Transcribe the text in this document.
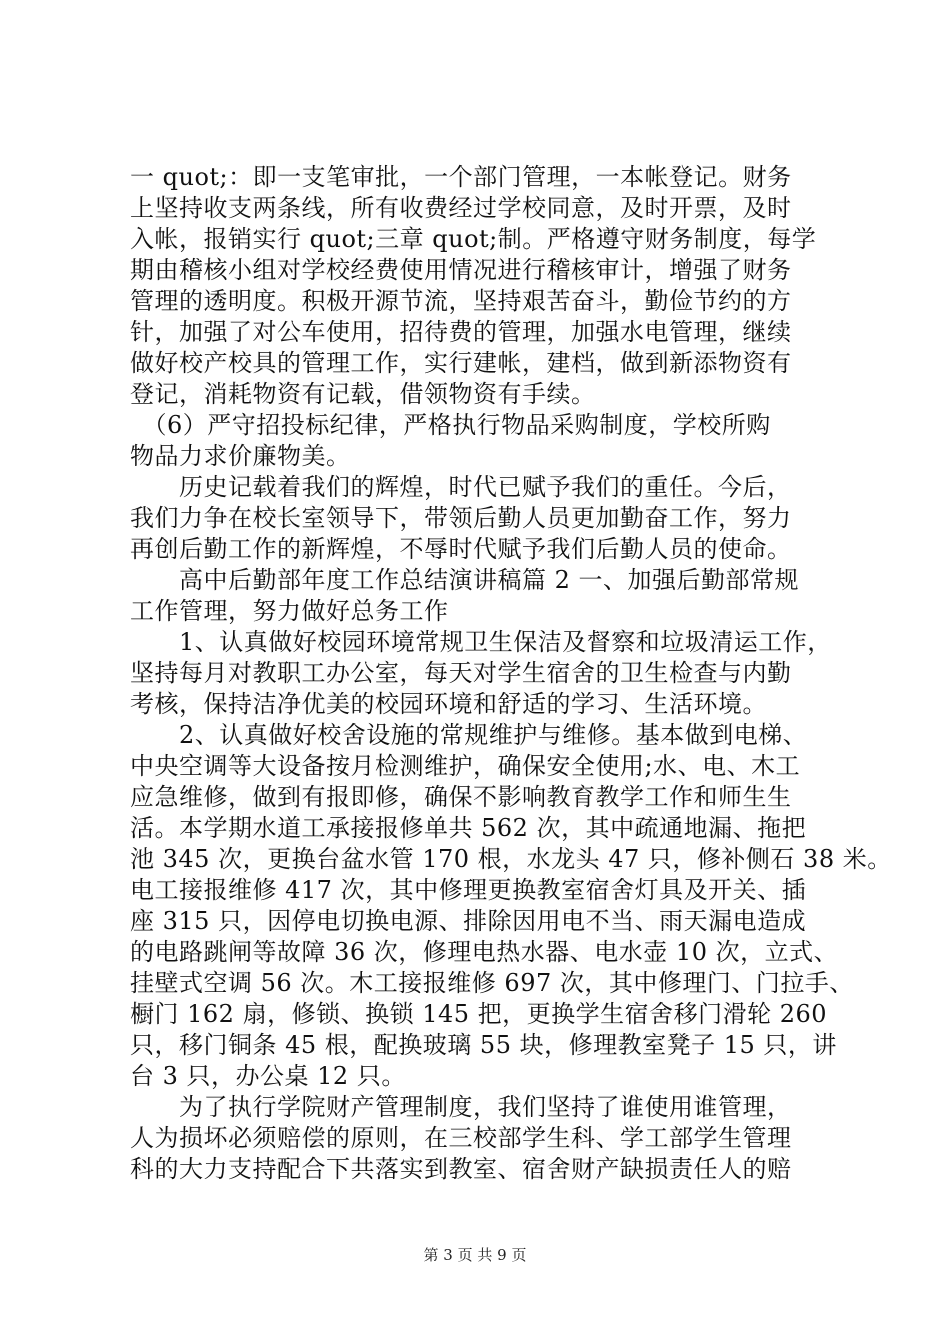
一 quot;：即一支笔审批，一个部门管理，一本帐登记。财务
上坚持收支两条线，所有收费经过学校同意，及时开票，及时
入帐，报销实行 quot;三章 quot;制。严格遵守财务制度，每学
期由稽核小组对学校经费使用情况进行稽核审计，增强了财务
管理的透明度。积极开源节流，坚持艰苦奋斗，勤俭节约的方
针，加强了对公车使用，招待费的管理，加强水电管理，继续
做好校产校具的管理工作，实行建帐，建档，做到新添物资有
登记，消耗物资有记载，借领物资有手续。
　（6）严守招投标纪律，严格执行物品采购制度，学校所购
物品力求价廉物美。
　　历史记载着我们的辉煌，时代已赋予我们的重任。今后，
我们力争在校长室领导下，带领后勤人员更加勤奋工作，努力
再创后勤工作的新辉煌，不辱时代赋予我们后勤人员的使命。
　　高中后勤部年度工作总结演讲稿篇 2 一、加强后勤部常规
工作管理，努力做好总务工作
　　1、认真做好校园环境常规卫生保洁及督察和垃圾清运工作，
坚持每月对教职工办公室，每天对学生宿舍的卫生检查与内勤
考核，保持洁净优美的校园环境和舒适的学习、生活环境。
　　2、认真做好校舍设施的常规维护与维修。基本做到电梯、
中央空调等大设备按月检测维护，确保安全使用;水、电、木工
应急维修，做到有报即修，确保不影响教育教学工作和师生生
活。本学期水道工承接报修单共 562 次，其中疏通地漏、拖把
池 345 次，更换台盆水管 170 根，水龙头 47 只，修补侧石 38 米。
电工接报维修 417 次，其中修理更换教室宿舍灯具及开关、插
座 315 只，因停电切换电源、排除因用电不当、雨天漏电造成
的电路跳闸等故障 36 次，修理电热水器、电水壶 10 次，立式、
挂壁式空调 56 次。木工接报维修 697 次，其中修理门、门拉手、
橱门 162 扇，修锁、换锁 145 把，更换学生宿舍移门滑轮 260
只，移门铜条 45 根，配换玻璃 55 块，修理教室凳子 15 只，讲
台 3 只，办公桌 12 只。
　　为了执行学院财产管理制度，我们坚持了谁使用谁管理，
人为损坏必须赔偿的原则，在三校部学生科、学工部学生管理
科的大力支持配合下共落实到教室、宿舍财产缺损责任人的赔
第 3 页 共 9 页
